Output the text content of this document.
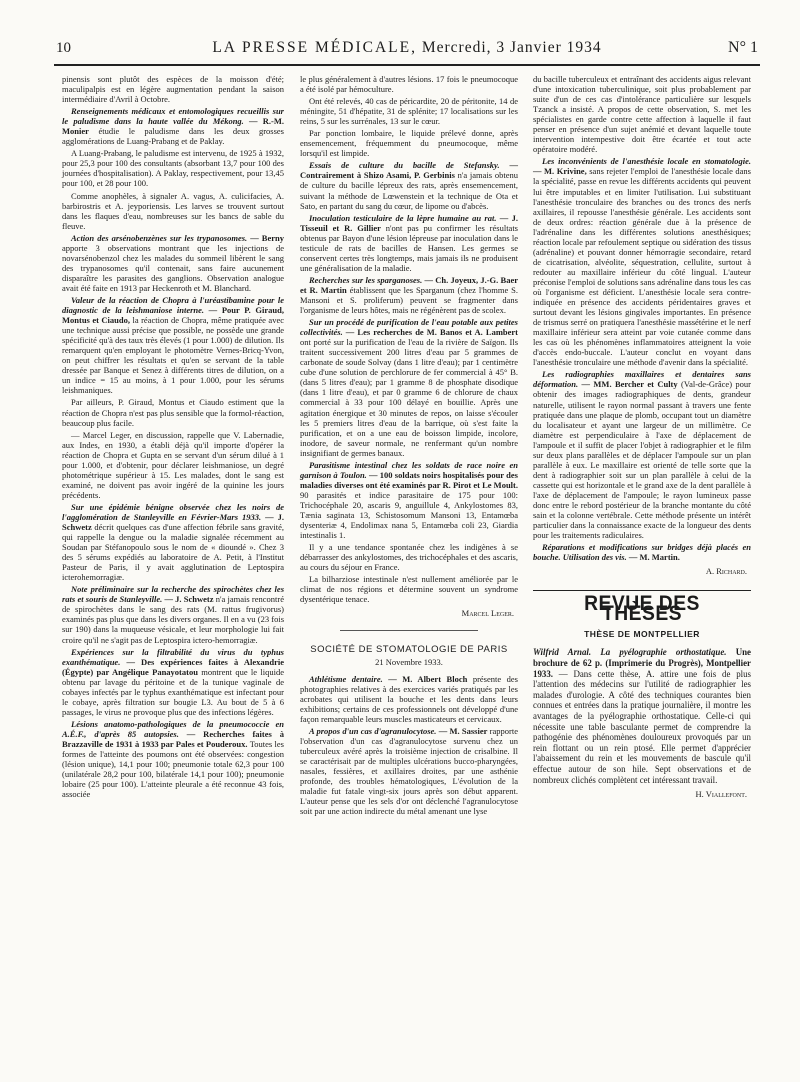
10	LA PRESSE MÉDICALE, Mercredi, 3 Janvier 1934	N° 1

pinensis sont plutôt des espèces de la moisson d'été; maculipalpis est en légère augmentation pendant la saison intermédiaire d'Avril à Octobre.

Renseignements médicaux et entomologiques recueillis sur le paludisme dans la haute vallée du Mékong. — R.-M. Monier étudie le paludisme dans les deux grosses agglomérations de Luang-Prabang et de Paklay.

A Luang-Prabang, le paludisme est intervenu, de 1925 à 1932, pour 25,3 pour 100 des consultants (absorbant 13,7 pour 100 des journées d'hospitalisation). A Paklay, respectivement, pour 13,45 pour 100, et 28 pour 100.

Comme anophèles, à signaler A. vagus, A. culicifacies, A. barbirostris et A. jeyporiensis. Les larves se trouvent surtout dans les flaques d'eau, nombreuses sur les bancs de sable du fleuve.

Action des arsénobenzènes sur les trypanosomes. — Berny apporte 3 observations montrant que les injections de novarsénobenzol chez les malades du sommeil libèrent le sang des trypanosomes qu'il contenait, sans faire aucunement disparaître les parasites des ganglions. Observation analogue avait été faite en 1913 par Heckenroth et M. Blanchard.

Valeur de la réaction de Chopra à l'uréastibamine pour le diagnostic de la leishmaniose interne. — Pour P. Giraud, Montus et Ciaudo, la réaction de Chopra, même pratiquée avec une technique aussi précise que possible, ne possède une grande spécificité qu'à des taux très élevés (1 pour 1.000) de dilution. Ils remarquent qu'en employant le photomètre Vernes-Bricq-Yvon, on peut chiffrer les résultats et qu'en se servant de la table dressée par Banque et Senez à différents titres de dilution, on a un indice = 15 au moins, à 1 pour 1.000, pour les sérums leishmaniques.

Par ailleurs, P. Giraud, Montus et Ciaudo estiment que la réaction de Chopra n'est pas plus sensible que la formol-réaction, beaucoup plus facile.

— Marcel Leger, en discussion, rappelle que V. Labernadie, aux Indes, en 1930, a établi déjà qu'il importe d'opérer la réaction de Chopra et Gupta en se servant d'un sérum dilué à 1 pour 1.000, et d'obtenir, pour déclarer leishmaniose, un degré photométrique supérieur à 15. Les malades, dont le sang est examiné, ne doivent pas avoir ingéré de la quinine les jours précédents.

Sur une épidémie bénigne observée chez les noirs de l'agglomération de Stanleyville en Février-Mars 1933. — J. Schwetz décrit quelques cas d'une affection fébrile sans gravité, qui rappelle la dengue ou la maladie signalée récemment au Soudan par Stéfanopoulo sous le nom de « dioundé ». Chez 3 des 5 sérums expédiés au laboratoire de A. Petit, à l'Institut Pasteur de Paris, il y avait agglutination de Leptospira icterohemorragiæ.

Note préliminaire sur la recherche des spirochètes chez les rats et souris de Stanleyville. — J. Schwetz n'a jamais rencontré de spirochètes dans le sang des rats (M. rattus frugivorus) examinés pas plus que dans les divers organes. Il en a vu (23 fois sur 190) dans la muqueuse vésicale, et leur morphologie lui fait croire qu'il ne s'agit pas de Leptospira ictero-hemorragiæ.

Expériences sur la filtrabilité du virus du typhus exanthématique. — Des expériences faites à Alexandrie (Égypte) par Angélique Panayotatou montrent que le liquide obtenu par lavage du péritoine et de la tunique vaginale de cobayes infectés par le typhus exanthématique est infectant pour le cobaye, après filtration sur bougie L3. Au bout de 5 à 6 passages, le virus ne provoque plus que des infections légères.

Lésions anatomo-pathologiques de la pneumococcie en A.É.F., d'après 85 autopsies. — Recherches faites à Brazzaville de 1931 à 1933 par Pales et Pouderoux. Toutes les formes de l'atteinte des poumons ont été observées: congestion (lésion unique), 14,1 pour 100; pneumonie totale 62,3 pour 100 (unilatérale 28,2 pour 100, bilatérale 14,1 pour 100); pneumonie lobaire (25 pour 100). L'atteinte pleurale a été reconnue 43 fois, associée

le plus généralement à d'autres lésions. 17 fois le pneumocoque a été isolé par hémoculture.

Ont été relevés, 40 cas de péricardite, 20 de péritonite, 14 de méningite, 51 d'hépatite, 31 de splénite; 17 localisations sur les reins, 5 sur les surrénales, 13 sur le cœur.

Par ponction lombaire, le liquide prélevé donne, après ensemencement, fréquemment du pneumocoque, même lorsqu'il est limpide.

Essais de culture du bacille de Stefansky. — Contrairement à Shizo Asami, P. Gerbinis n'a jamais obtenu de culture du bacille lépreux des rats, après ensemencement, suivant la méthode de Lœwenstein et la technique de Ota et Sato, en partant du sang du cœur, de lipome ou d'abcès.

Inoculation testiculaire de la lèpre humaine au rat. — J. Tisseuil et R. Gillier n'ont pas pu confirmer les résultats obtenus par Bayon d'une lésion lépreuse par inoculation dans le testicule de rats de bacilles de Hansen. Les germes se conservent certes très longtemps, mais jamais ils ne produisent une généralisation de la maladie.

Recherches sur les sparganoses. — Ch. Joyeux, J.-G. Baer et R. Martin établissent que les Sparganum (chez l'homme S. Mansoni et S. proliferum) peuvent se fragmenter dans l'organisme de leurs hôtes, mais ne régénèrent pas de scolex.

Sur un procédé de purification de l'eau potable aux petites collectivités. — Les recherches de M. Banos et A. Lambert ont porté sur la purification de l'eau de la rivière de Saïgon. Ils traitent successivement 200 litres d'eau par 5 grammes de carbonate de soude Solvay (dans 1 litre d'eau); par 1 centimètre cube d'une solution de perchlorure de fer commercial à 45° B. (dans 5 litres d'eau); par 1 gramme 8 de phosphate disodique (dans 1 litre d'eau), et par 0 gramme 6 de chlorure de chaux commercial à 33 pour 100 délayé en bouillie. Après une agitation énergique et 30 minutes de repos, on laisse s'écouler les 5 premiers litres d'eau de la barrique, où s'est faite la purification, et on a une eau de boisson limpide, incolore, inodore, de saveur normale, ne renfermant qu'un nombre insignifiant de germes banaux.

Parasitisme intestinal chez les soldats de race noire en garnison à Toulon. — 100 soldats noirs hospitalisés pour des maladies diverses ont été examinés par R. Pirot et Le Moult. 90 parasités et indice parasitaire de 175 pour 100: Trichocéphale 20, ascaris 9, anguillule 4, Ankylostomes 83, Tænia saginata 13, Schistosomum Mansoni 13, Entamœba dysenteriæ 4, Endolimax nana 5, Entamœba coli 23, Giardia intestinalis 1.

Il y a une tendance spontanée chez les indigènes à se débarrasser des ankylostomes, des trichocéphales et des ascaris, au cours du séjour en France.

La bilharziose intestinale n'est nullement améliorée par le climat de nos régions et détermine souvent un syndrome dysentérique tenace.

Marcel Leger.

SOCIÉTÉ DE STOMATOLOGIE DE PARIS
21 Novembre 1933.

Athlétisme dentaire. — M. Albert Bloch présente des photographies relatives à des exercices variés pratiqués par les acrobates qui utilisent la bouche et les dents dans leurs exhibitions; certains de ces professionnels ont développé d'une façon remarquable leurs muscles masticateurs et cervicaux.

A propos d'un cas d'agranulocytose. — M. Sassier rapporte l'observation d'un cas d'agranulocytose survenu chez un tuberculeux avéré après la troisième injection de crisalbine. Il se caractérisait par de multiples ulcérations bucco-pharyngées, nasales, fessières, et axillaires droites, par une asthénie profonde, des troubles hématologiques, L'évolution de la maladie fut fatale vingt-six jours après son début apparent. L'auteur pense que les sels d'or ont déclenché l'agranulocytose soit par une action indirecte du métal amenant une lyse

du bacille tuberculeux et entraînant des accidents aigus relevant d'une intoxication tuberculinique, soit plus probablement par suite d'un de ces cas d'intolérance particulière sur lesquels Tzanck a insisté. A propos de cette observation, S. met les spécialistes en garde contre cette affection à laquelle il faut penser en présence d'un sujet anémié et devant laquelle toute intervention intempestive doit être écartée et tout acte opératoire modéré.

Les inconvénients de l'anesthésie locale en stomatologie. — M. Krivine, sans rejeter l'emploi de l'anesthésie locale dans la spécialité, passe en revue les différents accidents qui peuvent lui être imputables et en limiter l'utilisation. Lui substituant l'anesthésie tronculaire des branches ou des troncs des nerfs axillaires, il repousse l'anesthésie générale. Les accidents sont de deux ordres: réaction générale due à la présence de l'adrénaline dans les différentes solutions anesthésiques; réaction locale par refoulement septique ou sidération des tissus (adrénaline) et pouvant donner hémorragie secondaire, retard de cicatrisation, alvéolite, séquestration, cellulite, surtout à redouter au maxillaire inférieur du côté lingual. L'auteur préconise l'emploi de solutions sans adrénaline dans tous les cas où l'organisme est déficient. L'anesthésie locale sera contre-indiquée en présence des accidents péridentaires graves et surtout devant les lésions gingivales importantes. En présence de trismus serré on pratiquera l'anesthésie massétérine et le nerf maxillaire inférieur sera atteint par voie cutanée comme dans les cas où les phénomènes inflammatoires atteignent la voie d'accès endo-buccale. L'auteur conclut en voyant dans l'anesthésie tronculaire une méthode d'avenir dans la spécialité.

Les radiographies maxillaires et dentaires sans déformation. — MM. Bercher et Culty (Val-de-Grâce) pour obtenir des images radiographiques de dents, grandeur naturelle, utilisent le rayon normal passant à travers une fente pratiquée dans une plaque de plomb, occupant tout un diamètre du localisateur et ayant une largeur de un millimètre. Ce diamètre est perpendiculaire à l'axe de déplacement de l'ampoule et il suffit de placer l'objet à radiographier et le film sur deux plans parallèles et de déplacer l'ampoule sur un plan parallèle à eux. Le maxillaire est orienté de telle sorte que la dent à radiographier soit sur un plan parallèle à celui de la cassette qui est horizontale et le grand axe de la dent parallèle à l'axe de déplacement de l'ampoule; le rayon lumineux passe donc entre le rebord postérieur de la branche montante du côté sain et la colonne vertébrale. Cette méthode présente un intérêt particulier dans la connaissance exacte de la longueur des dents pour les traitements radiculaires.

Réparations et modifications sur bridges déjà placés en bouche. Utilisation des vis. — M. Martin.

A. Richard.

REVUE DES THÈSES
THÈSE DE MONTPELLIER

Wilfrid Arnal. La pyélographie orthostatique. Une brochure de 62 p. (Imprimerie du Progrès), Montpellier 1933. — Dans cette thèse, A. attire une fois de plus l'attention des médecins sur l'utilité de radiographier les malades d'urologie. A côté des techniques courantes bien connues et entrées dans la pratique journalière, il montre les avantages de la pyélographie orthostatique. Celle-ci qui nécessite une table basculante permet de comprendre la pathogénie des phénomènes douloureux provoqués par un rein flottant ou un rein ptosé. Elle permet d'apprécier l'abaissement du rein et les mouvements de bascule qu'il effectue autour de son hile. Sept observations et de nombreux clichés complètent cet intéressant travail.

H. Viallefont.
